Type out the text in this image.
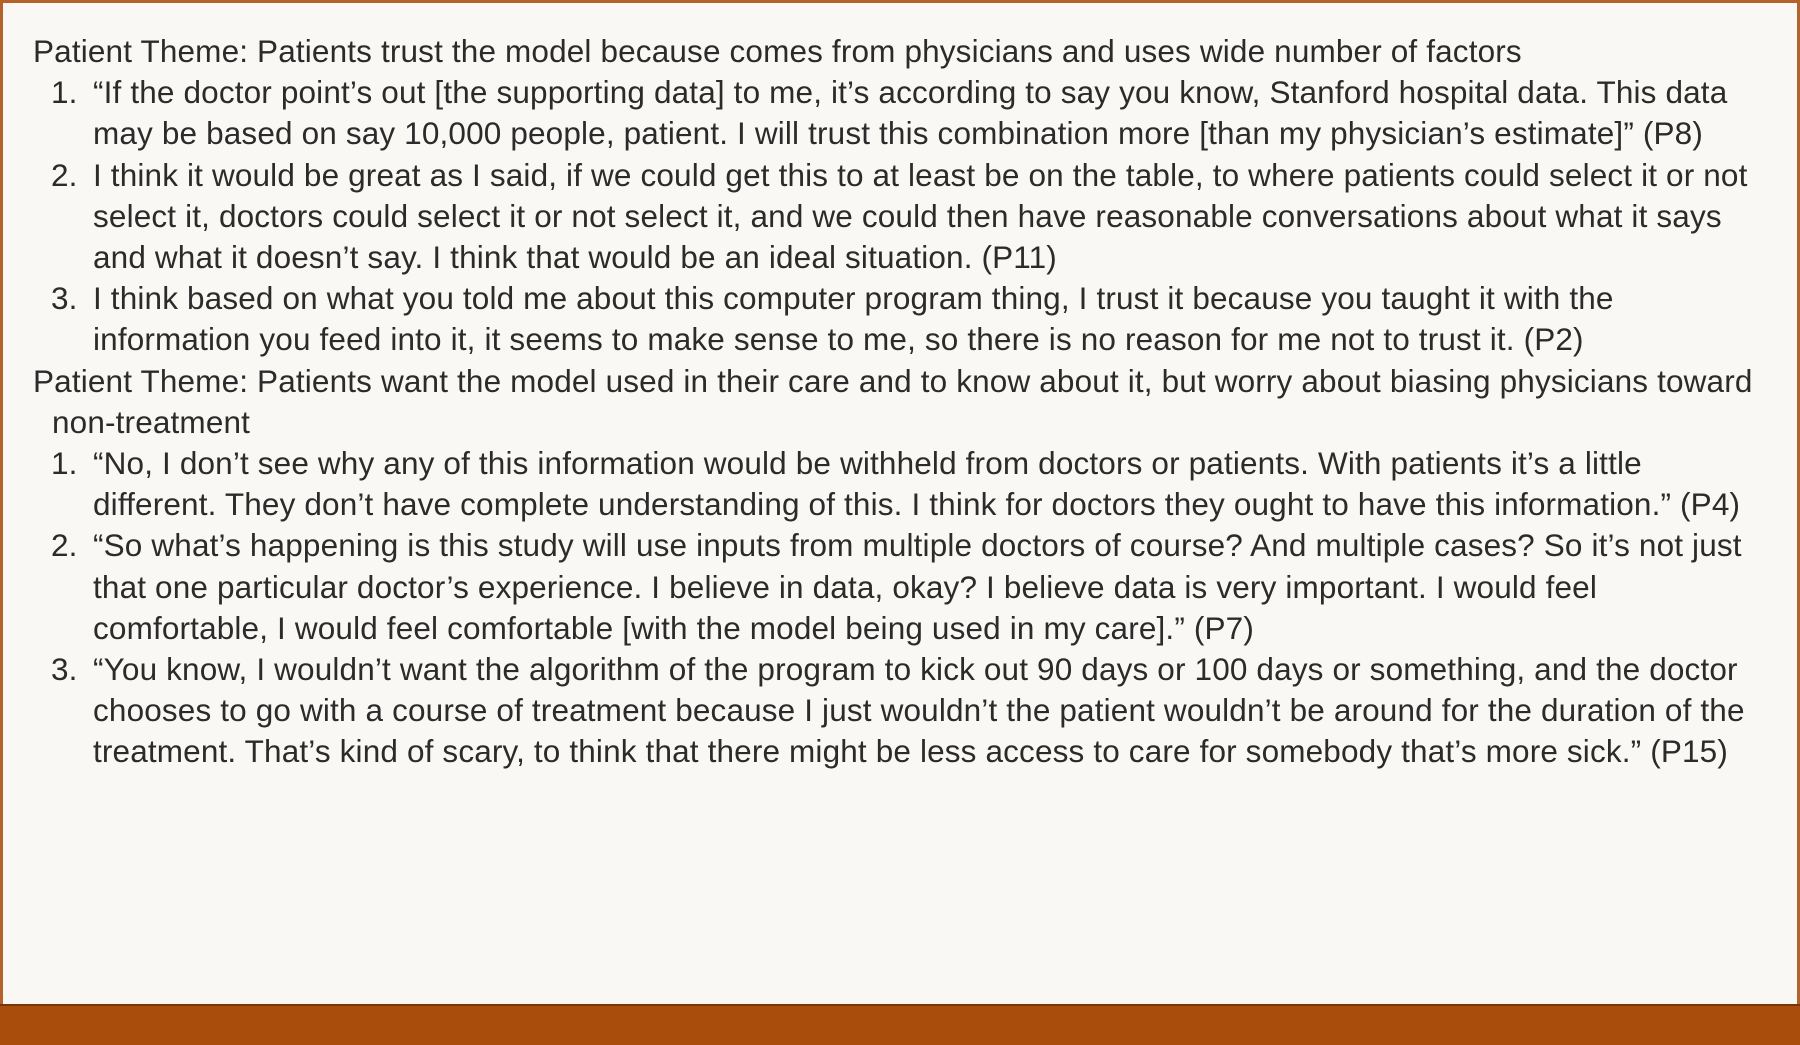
Patient Theme: Patients trust the model because comes from physicians and uses wide number of factors

1. “If the doctor point’s out [the supporting data] to me, it’s according to say you know, Stanford hospital data. This data may be based on say 10,000 people, patient. I will trust this combination more [than my physician’s estimate]” (P8)
2. I think it would be great as I said, if we could get this to at least be on the table, to where patients could select it or not select it, doctors could select it or not select it, and we could then have reasonable conversations about what it says and what it doesn’t say. I think that would be an ideal situation. (P11)
3. I think based on what you told me about this computer program thing, I trust it because you taught it with the information you feed into it, it seems to make sense to me, so there is no reason for me not to trust it. (P2)

Patient Theme: Patients want the model used in their care and to know about it, but worry about biasing physicians toward non-treatment

1. “No, I don’t see why any of this information would be withheld from doctors or patients. With patients it’s a little different. They don’t have complete understanding of this. I think for doctors they ought to have this information.” (P4)
2. “So what’s happening is this study will use inputs from multiple doctors of course? And multiple cases? So it’s not just that one particular doctor’s experience. I believe in data, okay? I believe data is very important. I would feel comfortable, I would feel comfortable [with the model being used in my care].” (P7)
3. “You know, I wouldn’t want the algorithm of the program to kick out 90 days or 100 days or something, and the doctor chooses to go with a course of treatment because I just wouldn’t the patient wouldn’t be around for the duration of the treatment. That’s kind of scary, to think that there might be less access to care for somebody that’s more sick.” (P15)
